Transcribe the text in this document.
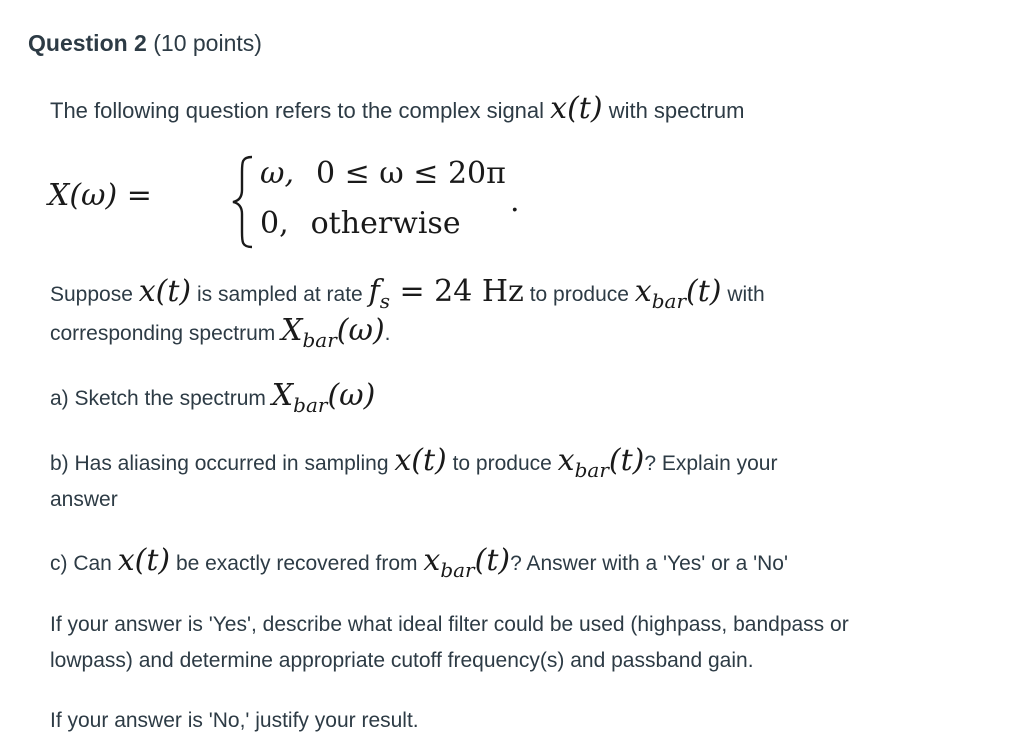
Question 2 (10 points)
The following question refers to the complex signal x(t) with spectrum
X(ω) =
ω, 0 ≤ ω ≤ 20π
0, otherwise
.
Suppose x(t) is sampled at rate $f_s = 24$ Hz to produce $x_{bar}(t)$ with
corresponding spectrum $X_{bar}(\omega)$.
a) Sketch the spectrum $X_{bar}(\omega)$
b) Has aliasing occurred in sampling x(t) to produce $x_{bar}(t)$? Explain your
answer
c) Can x(t) be exactly recovered from $x_{bar}(t)$? Answer with a 'Yes' or a 'No'
If your answer is 'Yes', describe what ideal filter could be used (highpass, bandpass or
lowpass) and determine appropriate cutoff frequency(s) and passband gain.
If your answer is 'No,' justify your result.
